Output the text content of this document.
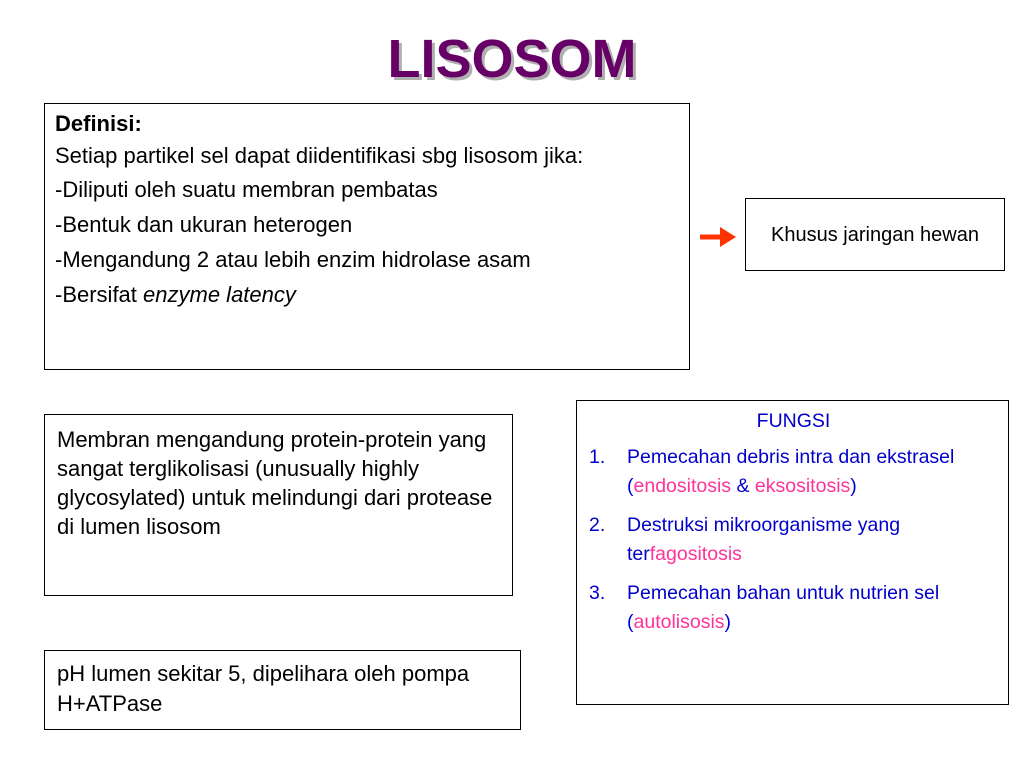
LISOSOM

Definisi:

Setiap partikel sel dapat diidentifikasi sbg lisosom jika:

-Diliputi oleh suatu membran pembatas

-Bentuk dan ukuran heterogen

-Mengandung 2 atau lebih enzim hidrolase asam

-Bersifat enzyme latency

Khusus jaringan hewan
Membran mengandung protein-protein yang sangat terglikolisasi (unusually highly glycosylated) untuk melindungi dari protease di lumen lisosom
pH lumen sekitar 5, dipelihara oleh pompa H+ATPase
FUNGSI
1.	Pemecahan debris intra dan ekstrasel (endositosis & eksositosis)
2.	Destruksi mikroorganisme yang terfagositosis
3.	Pemecahan bahan untuk nutrien sel (autolisosis)
